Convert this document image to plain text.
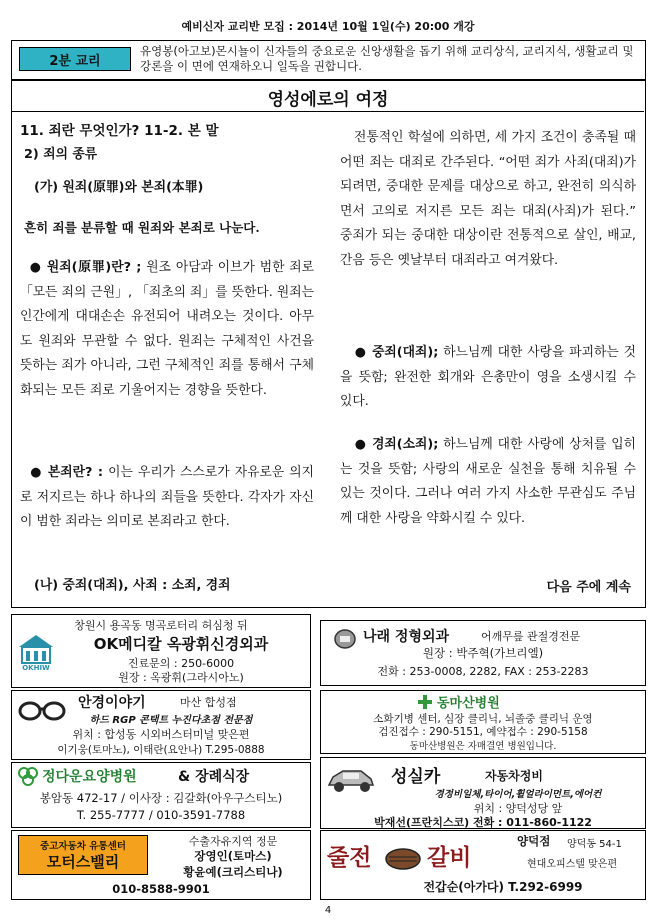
예비신자 교리반 모집 : 2014년 10월 1일(수) 20:00 개강
2분 교리
유영봉(아고보)몬시뇰이 신자들의 중요로운 신앙생활을 돕기 위해 교리상식, 교리지식, 생활교리 및 강론을 이 면에 연재하오니 일독을 권합니다.
영성에로의 여정
11. 죄란 무엇인가? 11-2. 본 말
2) 죄의 종류
(가) 원죄(原罪)와 본죄(本罪)
흔히 죄를 분류할 때 원죄와 본죄로 나눈다.
● 원죄(原罪)란? ; 원조 아담과 이브가 범한 죄로 「모든 죄의 근원」, 「죄초의 죄」를 뜻한다. 원죄는 인간에게 대대손손 유전되어 내려오는 것이다. 아무도 원죄와 무관할 수 없다. 원죄는 구체적인 사건을 뜻하는 죄가 아니라, 그런 구체적인 죄를 통해서 구체화되는 모든 죄로 기울어지는 경향을 뜻한다.
● 본죄란? : 이는 우리가 스스로가 자유로운 의지로 저지르는 하나 하나의 죄들을 뜻한다. 각자가 자신이 범한 죄라는 의미로 본죄라고 한다.
(나) 중죄(대죄), 사죄 : 소죄, 경죄
전통적인 학설에 의하면, 세 가지 조건이 충족될 때 어떤 죄는 대죄로 간주된다. “어떤 죄가 사죄(대죄)가 되려면, 중대한 문제를 대상으로 하고, 완전히 의식하면서 고의로 저지른 모든 죄는 대죄(사죄)가 된다.” 중죄가 되는 중대한 대상이란 전통적으로 살인, 배교, 간음 등은 옛날부터 대죄라고 여겨왔다.
● 중죄(대죄); 하느님께 대한 사랑을 파괴하는 것을 뜻함; 완전한 회개와 은총만이 영을 소생시킬 수 있다.
● 경죄(소죄); 하느님께 대한 사랑에 상처를 입히는 것을 뜻함; 사랑의 새로운 실천을 통해 치유될 수 있는 것이다. 그러나 여러 가지 사소한 무관심도 주님께 대한 사랑을 약화시킬 수 있다.
다음 주에 계속
창원시 용곡동 명곡로터리 허심청 뒤
OKHIW
OK메디칼 옥광휘신경외과
진료문의 : 250-6000
원장 : 옥광휘(그라시아노)
나래 정형외과	어깨무릎 관절경전문
원장 : 박주혁(가브리엘)
전화 : 253-0008, 2282, FAX : 253-2283
안경이야기	마산 합성점
하드 RGP 콘택트 누진다초점 전문점
위치 : 합성동 시외버스터미널 맞은편
이기웅(토마노), 이태란(요안나) T.295-0888
동마산병원
소화기병 센터, 심장 클리닉, 뇌졸중 클리닉 운영
검진접수 : 290-5151, 예약접수 : 290-5158
동마산병원은 자매결연 병원입니다.
정다운요양병원	& 장례식장
봉암동 472-17 / 이사장 : 김갈화(아우구스티노)
T. 255-7777 / 010-3591-7788
성실카	자동차정비
경정비일체,타이어,휠얼라이먼트,에어컨
위치 : 양덕성당 앞
박재선(프란치스코) 전화 : 011-860-1122
중고자동차 유통센터
모터스밸리
수출자유지역 정문
장영인(토마스)
황윤예(크리스티나)
010-8588-9901
줄전 갈비
양덕점 양덕동 54-1
현대오피스텔 맞은편
전갑순(아가다) T.292-6999
4
